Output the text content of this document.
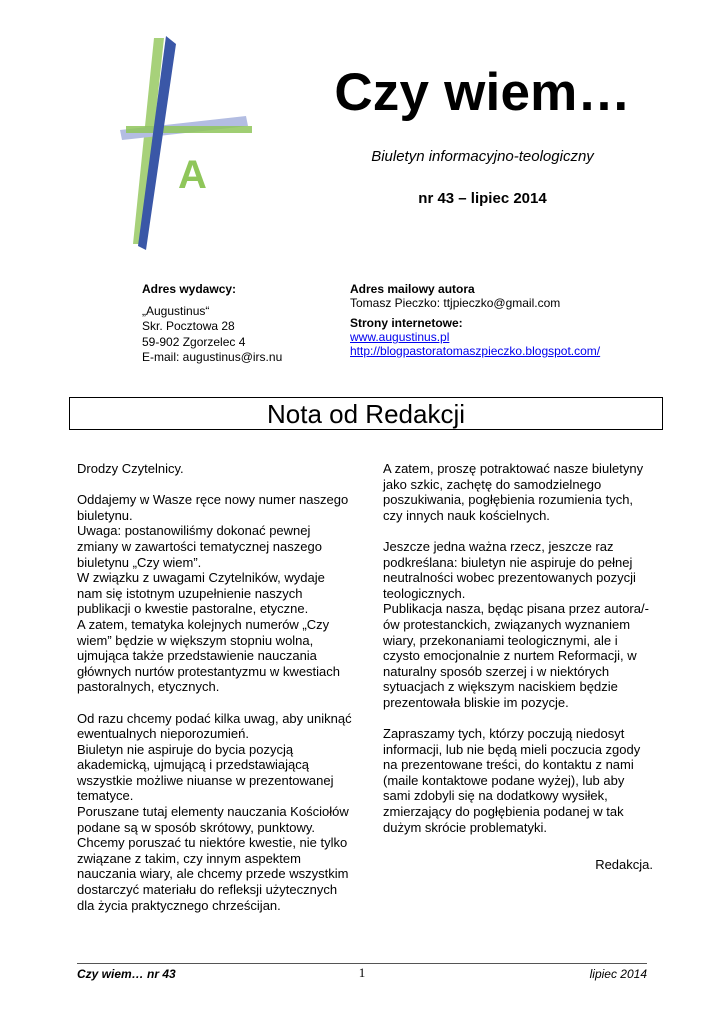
A
Czy wiem…
Biuletyn informacyjno-teologiczny
nr 43 – lipiec 2014
Adres wydawcy:
„Augustinus“
Skr. Pocztowa 28
59-902 Zgorzelec 4
E-mail: augustinus@irs.nu
Adres mailowy autora
Tomasz Pieczko: ttjpieczko@gmail.com
Strony internetowe:
www.augustinus.pl
http://blogpastoratomaszpieczko.blogspot.com/
Nota od Redakcji

Drodzy Czytelnicy.

Oddajemy w Wasze ręce nowy numer naszego biuletynu.

Uwaga: postanowiliśmy dokonać pewnej zmiany w zawartości tematycznej naszego biuletynu „Czy wiem”.

W związku z uwagami Czytelników, wydaje nam się istotnym uzupełnienie naszych publikacji o kwestie pastoralne, etyczne.

A zatem, tematyka kolejnych numerów „Czy wiem” będzie w większym stopniu wolna, ujmująca także przedstawienie nauczania głównych nurtów protestantyzmu w kwestiach pastoralnych, etycznych.

Od razu chcemy podać kilka uwag, aby uniknąć ewentualnych nieporozumień.

Biuletyn nie aspiruje do bycia pozycją akademicką, ujmującą i przedstawiającą wszystkie możliwe niuanse w prezentowanej tematyce.

Poruszane tutaj elementy nauczania Kościołów podane są w sposób skrótowy, punktowy.

Chcemy poruszać tu niektóre kwestie, nie tylko związane z takim, czy innym aspektem nauczania wiary, ale chcemy przede wszystkim dostarczyć materiału do refleksji użytecznych dla życia praktycznego chrześcijan.

A zatem, proszę potraktować nasze biuletyny jako szkic, zachętę do samodzielnego poszukiwania, pogłębienia rozumienia tych, czy innych nauk kościelnych.

Jeszcze jedna ważna rzecz, jeszcze raz podkreślana: biuletyn nie aspiruje do pełnej neutralności wobec prezentowanych pozycji teologicznych.

Publikacja nasza, będąc pisana przez autora/-ów protestanckich, związanych wyznaniem wiary, przekonaniami teologicznymi, ale i czysto emocjonalnie z nurtem Reformacji, w naturalny sposób szerzej i w niektórych sytuacjach z większym naciskiem będzie prezentowała bliskie im pozycje.

Zapraszamy tych, którzy poczują niedosyt informacji, lub nie będą mieli poczucia zgody na prezentowane treści, do kontaktu z nami (maile kontaktowe podane wyżej), lub aby sami zdobyli się na dodatkowy wysiłek, zmierzający do pogłębienia podanej w tak dużym skrócie problematyki.

Redakcja.
Czy wiem… nr 43	1	lipiec 2014
